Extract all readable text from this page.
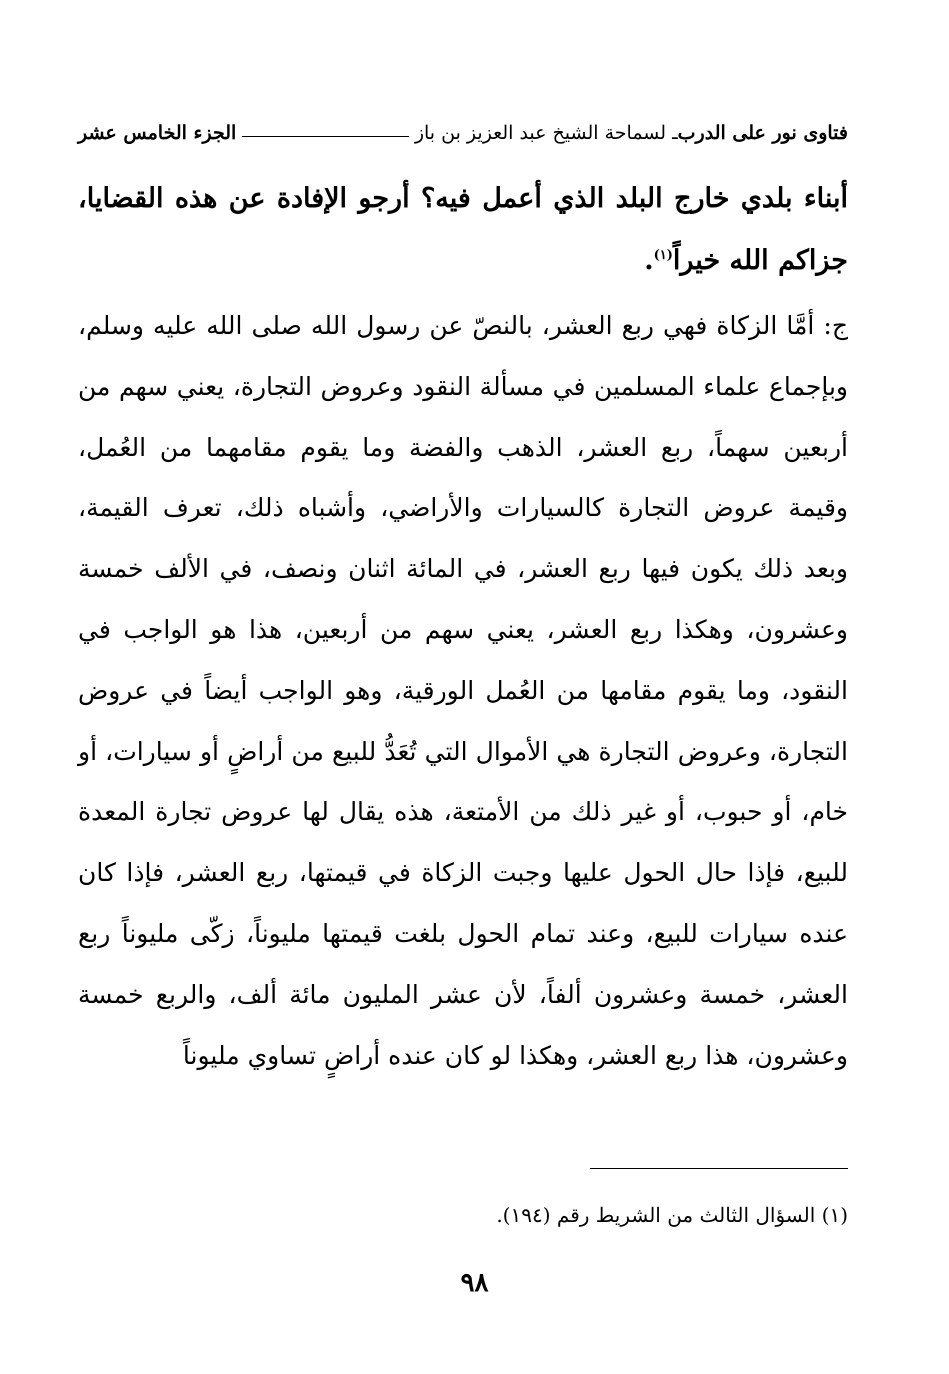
فتاوى نور على الدرب
ـ لسماحة الشيخ عبد العزيز بن باز
الجزء الخامس عشر
أبناء بلدي خارج البلد الذي أعمل فيه؟ أرجو الإفادة عن هذه القضايا، جزاكم الله خيراً$^{(١)}$.

ج: أمَّا الزكاة فهي ربع العشر، بالنصّ عن رسول الله صلى الله عليه وسلم، وبإجماع علماء المسلمين في مسألة النقود وعروض التجارة، يعني سهم من أربعين سهماً، ربع العشر، الذهب والفضة وما يقوم مقامهما من العُمل، وقيمة عروض التجارة كالسيارات والأراضي، وأشباه ذلك، تعرف القيمة، وبعد ذلك يكون فيها ربع العشر، في المائة اثنان ونصف، في الألف خمسة وعشرون، وهكذا ربع العشر، يعني سهم من أربعين، هذا هو الواجب في النقود، وما يقوم مقامها من العُمل الورقية، وهو الواجب أيضاً في عروض التجارة، وعروض التجارة هي الأموال التي تُعَدُّ للبيع من أراضٍ أو سيارات، أو خام، أو حبوب، أو غير ذلك من الأمتعة، هذه يقال لها عروض تجارة المعدة للبيع، فإذا حال الحول عليها وجبت الزكاة في قيمتها، ربع العشر، فإذا كان عنده سيارات للبيع، وعند تمام الحول بلغت قيمتها مليوناً، زكّى مليوناً ربع العشر، خمسة وعشرون ألفاً، لأن عشر المليون مائة ألف، والربع خمسة وعشرون، هذا ربع العشر، وهكذا لو كان عنده أراضٍ تساوي مليوناً

(١) السؤال الثالث من الشريط رقم (١٩٤).
٩٨
